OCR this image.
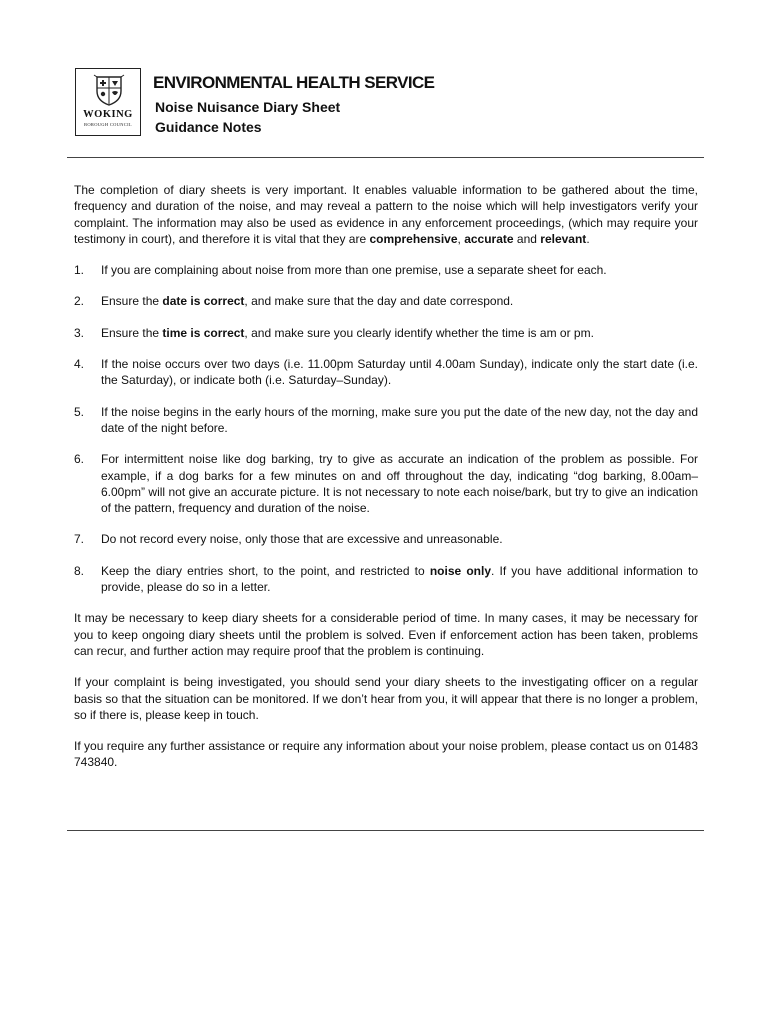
WOKING
BOROUGH COUNCIL
ENVIRONMENTAL HEALTH SERVICE
Noise Nuisance Diary Sheet
Guidance Notes

The completion of diary sheets is very important. It enables valuable information to be gathered about the time, frequency and duration of the noise, and may reveal a pattern to the noise which will help investigators verify your complaint. The information may also be used as evidence in any enforcement proceedings, (which may require your testimony in court), and therefore it is vital that they are comprehensive, accurate and relevant.

1. If you are complaining about noise from more than one premise, use a separate sheet for each.
2. Ensure the date is correct, and make sure that the day and date correspond.
3. Ensure the time is correct, and make sure you clearly identify whether the time is am or pm.
4. If the noise occurs over two days (i.e. 11.00pm Saturday until 4.00am Sunday), indicate only the start date (i.e. the Saturday), or indicate both (i.e. Saturday–Sunday).
5. If the noise begins in the early hours of the morning, make sure you put the date of the new day, not the day and date of the night before.
6. For intermittent noise like dog barking, try to give as accurate an indication of the problem as possible. For example, if a dog barks for a few minutes on and off throughout the day, indicating “dog barking, 8.00am–6.00pm” will not give an accurate picture. It is not necessary to note each noise/bark, but try to give an indication of the pattern, frequency and duration of the noise.
7. Do not record every noise, only those that are excessive and unreasonable.
8. Keep the diary entries short, to the point, and restricted to noise only. If you have additional information to provide, please do so in a letter.

It may be necessary to keep diary sheets for a considerable period of time. In many cases, it may be necessary for you to keep ongoing diary sheets until the problem is solved. Even if enforcement action has been taken, problems can recur, and further action may require proof that the problem is continuing.

If your complaint is being investigated, you should send your diary sheets to the investigating officer on a regular basis so that the situation can be monitored. If we don’t hear from you, it will appear that there is no longer a problem, so if there is, please keep in touch.

If you require any further assistance or require any information about your noise problem, please contact us on 01483 743840.
